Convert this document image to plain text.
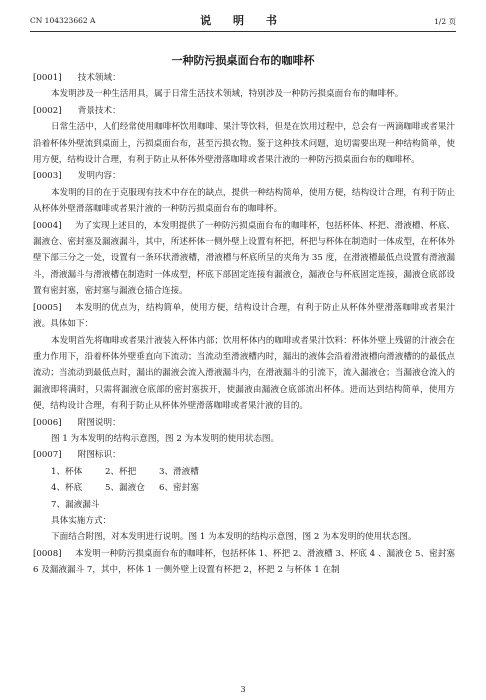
CN 104323662 A	说 明 书	1/2 页
一种防污损桌面台布的咖啡杯

[0001] 技术领域：

本发明涉及一种生活用具，属于日常生活技术领域，特别涉及一种防污损桌面台布的咖啡杯。

[0002] 背景技术：

日常生活中，人们经常使用咖啡杯饮用咖啡、果汁等饮料，但是在饮用过程中，总会有一两滴咖啡或者果汁沿着杯体外壁流到桌面上，污损桌面台布，甚至污损衣物。鉴于这种技术问题，迫切需要出现一种结构简单，使用方便，结构设计合理，有利于防止从杯体外壁滑落咖啡或者果汁液的一种防污损桌面台布的咖啡杯。

[0003] 发明内容：

本发明的目的在于克服现有技术中存在的缺点，提供一种结构简单，使用方便，结构设计合理，有利于防止从杯体外壁滑落咖啡或者果汁液的一种防污损桌面台布的咖啡杯。

[0004] 为了实现上述目的，本发明提供了一种防污损桌面台布的咖啡杯，包括杯体、杯把、滑液槽、杯底、漏液仓、密封塞及漏液漏斗，其中，所述杯体一侧外壁上设置有杯把，杯把与杯体在制造时一体成型，在杯体外壁下部三分之一处，设置有一条环状滑液槽，滑液槽与杯底所呈的夹角为 35 度，在滑液槽最低点设置有滑液漏斗，滑液漏斗与滑液槽在制造时一体成型，杯底下部固定连接有漏液仓，漏液仓与杯底固定连接，漏液仓底部设置有密封塞，密封塞与漏液仓插合连接。

[0005] 本发明的优点为，结构简单，使用方便，结构设计合理，有利于防止从杯体外壁滑落咖啡或者果汁液。具体如下：

本发明首先将咖啡或者果汁液装入杯体内部；饮用杯体内的咖啡或者果汁饮料：杯体外壁上残留的汁液会在重力作用下，沿着杯体外壁垂直向下流动；当流动至滑液槽内时，漏出的液体会沿着滑液槽向滑液槽的的最低点流动；当流动到最低点时，漏出的漏液会流入滑液漏斗内，在滑液漏斗的引流下，流入漏液仓；当漏液仓流入的漏液即将满时，只需将漏液仓底部的密封塞拔开，使漏液由漏液仓底部流出杯体。进而达到结构简单，使用方便，结构设计合理，有利于防止从杯体外壁滑落咖啡或者果汁液的目的。

[0006] 附图说明：

图 1 为本发明的结构示意图，图 2 为本发明的使用状态图。

[0007] 附图标识：

1、杯体	2、杯把	3、滑液槽
4、杯底	5、漏液仓	6、密封塞
7、漏液漏斗

具体实施方式：

下面结合附图，对本发明进行说明。图 1 为本发明的结构示意图，图 2 为本发明的使用状态图。

[0008] 本发明一种防污损桌面台布的咖啡杯，包括杯体 1、杯把 2、滑液槽 3、杯底 4 、漏液仓 5、密封塞 6 及漏液漏斗 7，其中，杯体 1 一侧外壁上设置有杯把 2，杯把 2 与杯体 1 在制

3
